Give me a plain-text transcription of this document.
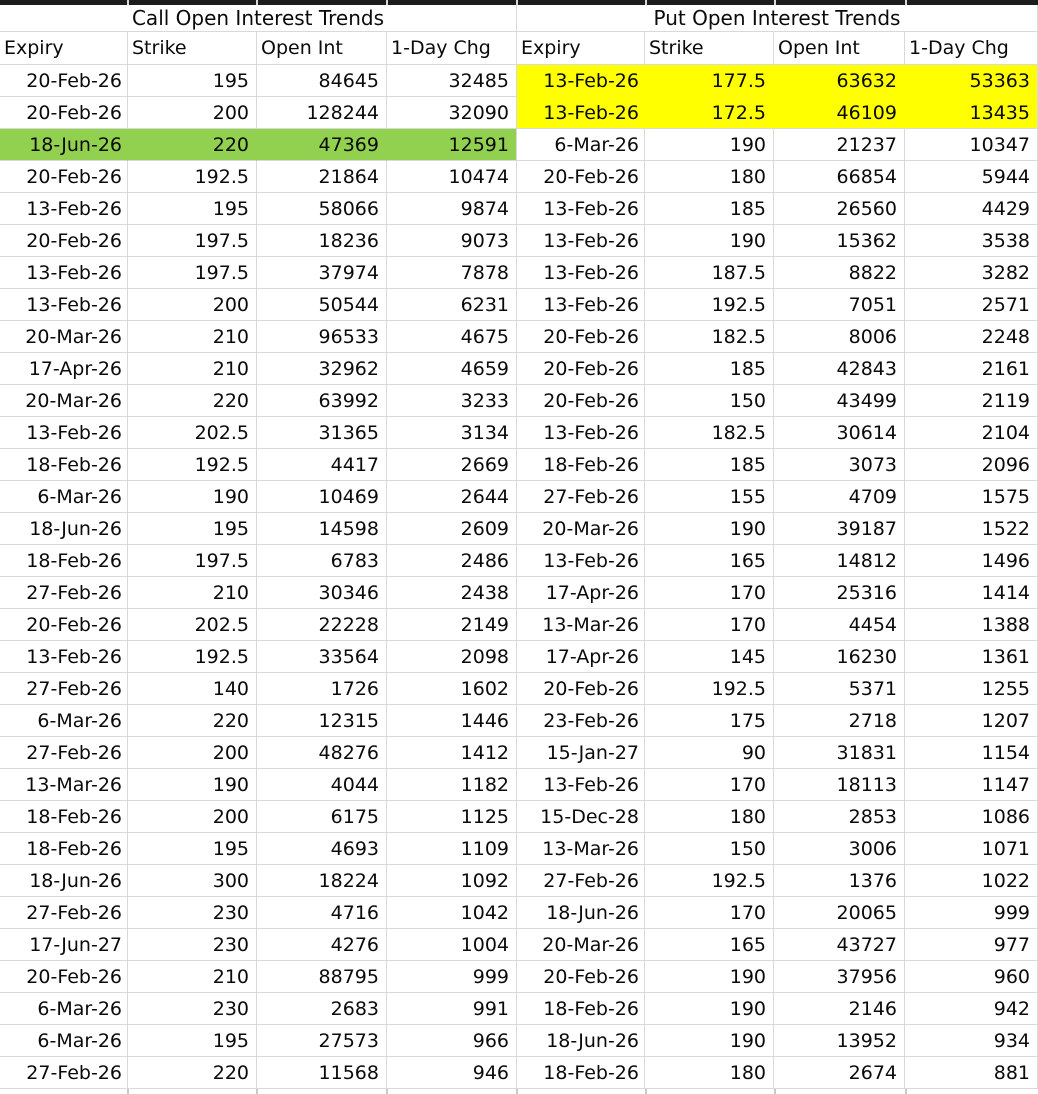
Call Open Interest Trends
Expiry	Strike	Open Int	1-Day Chg
20-Feb-26	195	84645	32485
20-Feb-26	200	128244	32090
18-Jun-26	220	47369	12591
20-Feb-26	192.5	21864	10474
13-Feb-26	195	58066	9874
20-Feb-26	197.5	18236	9073
13-Feb-26	197.5	37974	7878
13-Feb-26	200	50544	6231
20-Mar-26	210	96533	4675
17-Apr-26	210	32962	4659
20-Mar-26	220	63992	3233
13-Feb-26	202.5	31365	3134
18-Feb-26	192.5	4417	2669
6-Mar-26	190	10469	2644
18-Jun-26	195	14598	2609
18-Feb-26	197.5	6783	2486
27-Feb-26	210	30346	2438
20-Feb-26	202.5	22228	2149
13-Feb-26	192.5	33564	2098
27-Feb-26	140	1726	1602
6-Mar-26	220	12315	1446
27-Feb-26	200	48276	1412
13-Mar-26	190	4044	1182
18-Feb-26	200	6175	1125
18-Feb-26	195	4693	1109
18-Jun-26	300	18224	1092
27-Feb-26	230	4716	1042
17-Jun-27	230	4276	1004
20-Feb-26	210	88795	999
6-Mar-26	230	2683	991
6-Mar-26	195	27573	966
27-Feb-26	220	11568	946
Put Open Interest Trends
Expiry	Strike	Open Int	1-Day Chg
13-Feb-26	177.5	63632	53363
13-Feb-26	172.5	46109	13435
6-Mar-26	190	21237	10347
20-Feb-26	180	66854	5944
13-Feb-26	185	26560	4429
13-Feb-26	190	15362	3538
13-Feb-26	187.5	8822	3282
13-Feb-26	192.5	7051	2571
20-Feb-26	182.5	8006	2248
20-Feb-26	185	42843	2161
20-Feb-26	150	43499	2119
13-Feb-26	182.5	30614	2104
18-Feb-26	185	3073	2096
27-Feb-26	155	4709	1575
20-Mar-26	190	39187	1522
13-Feb-26	165	14812	1496
17-Apr-26	170	25316	1414
13-Mar-26	170	4454	1388
17-Apr-26	145	16230	1361
20-Feb-26	192.5	5371	1255
23-Feb-26	175	2718	1207
15-Jan-27	90	31831	1154
13-Feb-26	170	18113	1147
15-Dec-28	180	2853	1086
13-Mar-26	150	3006	1071
27-Feb-26	192.5	1376	1022
18-Jun-26	170	20065	999
20-Mar-26	165	43727	977
20-Feb-26	190	37956	960
18-Feb-26	190	2146	942
18-Jun-26	190	13952	934
18-Feb-26	180	2674	881
